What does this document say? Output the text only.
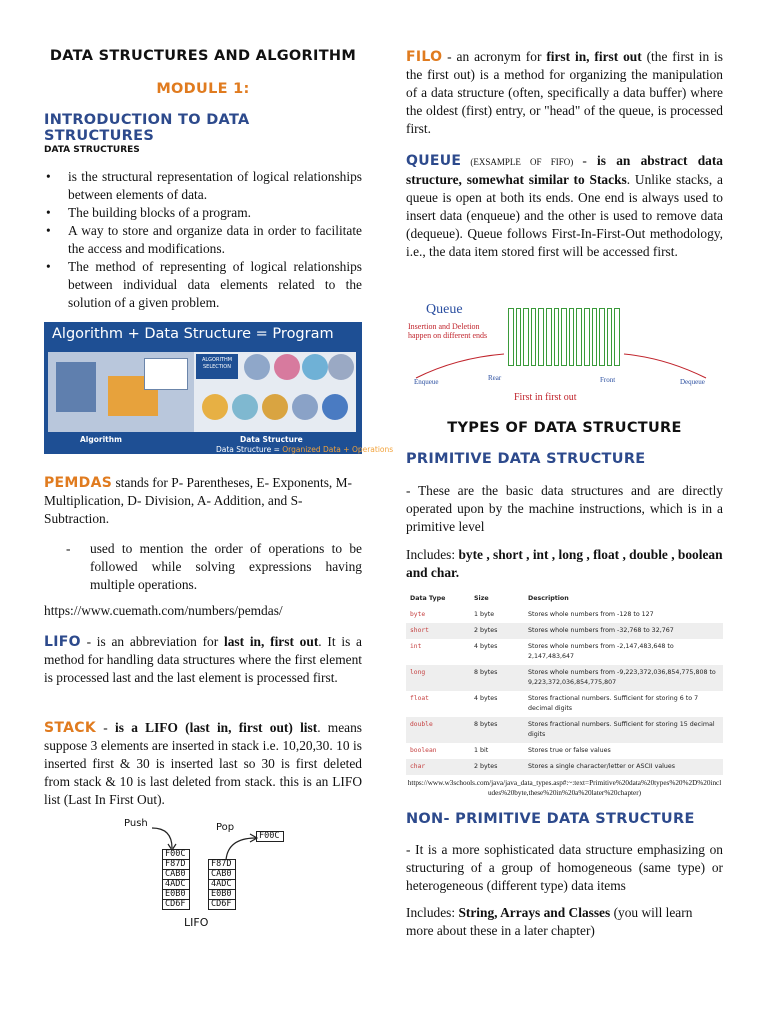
DATA STRUCTURES AND ALGORITHM
MODULE 1:
INTRODUCTION TO DATA STRUCTURES
DATA STRUCTURES
• is the structural representation of logical relationships between elements of data.
• The building blocks of a program.
• A way to store and organize data in order to facilitate the access and modifications.
• The method of representing of logical relationships between individual data elements related to the solution of a given problem.
Algorithm + Data Structure = Program
ALGORITHM SELECTION
Algorithm	Data Structure
Data Structure = Organized Data + Operations
PEMDAS stands for P- Parentheses, E- Exponents, M-Multiplication, D- Division, A- Addition, and S-Subtraction.
- used to mention the order of operations to be followed while solving expressions having multiple operations.
https://www.cuemath.com/numbers/pemdas/
LIFO - is an abbreviation for last in, first out. It is a method for handling data structures where the first element is processed last and the last element is processed first.
STACK - is a LIFO (last in, first out) list. means suppose 3 elements are inserted in stack i.e. 10,20,30. 10 is inserted first & 30 is inserted last so 30 is first deleted from stack & 10 is last deleted from stack. this is an LIFO list (Last In First Out).
Push	Pop
F00C
F00C
F87D
CAB0
4ADC
E0B0
CD6F
F87D
CAB0
4ADC
E0B0
CD6F
LIFO
FILO - an acronym for first in, first out (the first in is the first out) is a method for organizing the manipulation of a data structure (often, specifically a data buffer) where the oldest (first) entry, or "head" of the queue, is processed first.
QUEUE (EXSAMPLE OF FIFO) - is an abstract data structure, somewhat similar to Stacks. Unlike stacks, a queue is open at both its ends. One end is always used to insert data (enqueue) and the other is used to remove data (dequeue). Queue follows First-In-First-Out methodology, i.e., the data item stored first will be accessed first.
Queue
Insertion and Deletion
happen on different ends
Enqueue	Rear	Front	Dequeue
First in first out
TYPES OF DATA STRUCTURE
PRIMITIVE DATA STRUCTURE
- These are the basic data structures and are directly operated upon by the machine instructions, which is in a primitive level
Includes: byte , short , int , long , float , double , boolean and char.
Data Type	Size	Description
byte	1 byte	Stores whole numbers from -128 to 127
short	2 bytes	Stores whole numbers from -32,768 to 32,767
int	4 bytes	Stores whole numbers from -2,147,483,648 to 2,147,483,647
long	8 bytes	Stores whole numbers from -9,223,372,036,854,775,808 to 9,223,372,036,854,775,807
float	4 bytes	Stores fractional numbers. Sufficient for storing 6 to 7 decimal digits
double	8 bytes	Stores fractional numbers. Sufficient for storing 15 decimal digits
boolean	1 bit	Stores true or false values
char	2 bytes	Stores a single character/letter or ASCII values
https://www.w3schools.com/java/java_data_types.asp#:~:text=Primitive%20data%20types%20%2D%20includes%20byte,these%20in%20a%20later%20chapter)
NON- PRIMITIVE DATA STRUCTURE
- It is a more sophisticated data structure emphasizing on structuring of a group of homogeneous (same type) or heterogeneous (different type) data items
Includes: String, Arrays and Classes (you will learn more about these in a later chapter)
